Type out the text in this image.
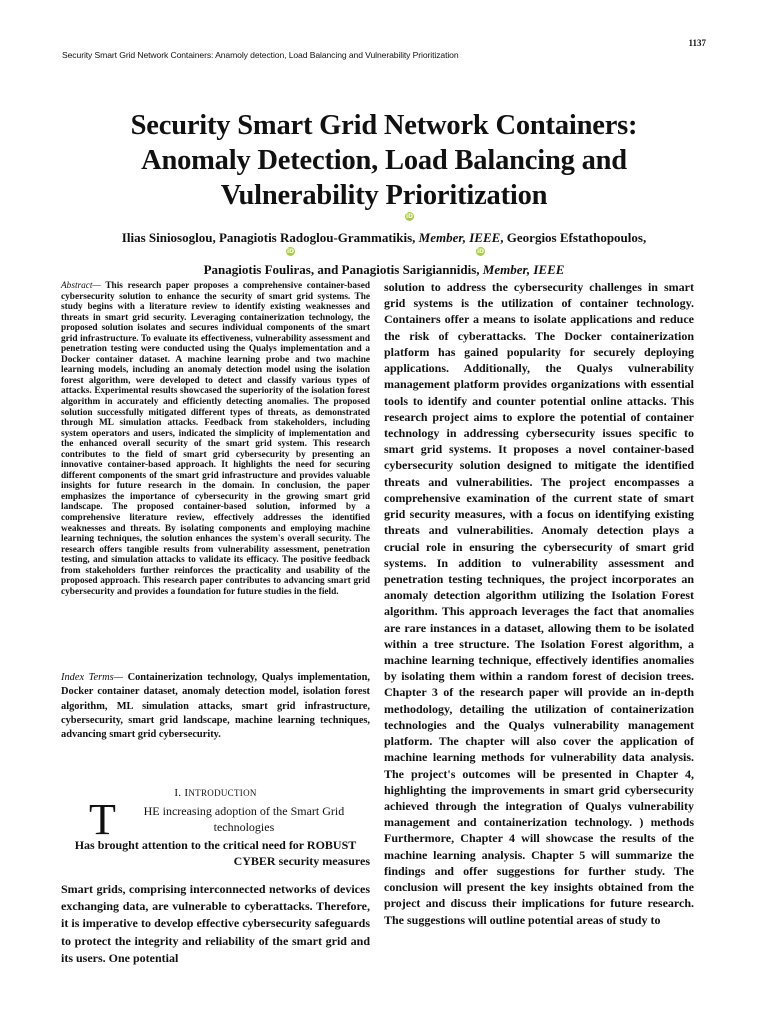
1137
Security Smart Grid Network Containers: Anamoly detection, Load Balancing and Vulnerability Prioritization
Security Smart Grid Network Containers:
Anomaly Detection, Load Balancing and
Vulnerability Prioritization
iD
Ilias Siniosoglou, Panagiotis Radoglou-Grammatikis, Member, IEEE, Georgios Efstathopoulos,
iD	iD
Panagiotis Fouliras, and Panagiotis Sarigiannidis, Member, IEEE
Abstract— This research paper proposes a comprehensive container-based cybersecurity solution to enhance the security of smart grid systems. The study begins with a literature review to identify existing weaknesses and threats in smart grid security. Leveraging containerization technology, the proposed solution isolates and secures individual components of the smart grid infrastructure. To evaluate its effectiveness, vulnerability assessment and penetration testing were conducted using the Qualys implementation and a Docker container dataset. A machine learning probe and two machine learning models, including an anomaly detection model using the isolation forest algorithm, were developed to detect and classify various types of attacks. Experimental results showcased the superiority of the isolation forest algorithm in accurately and efficiently detecting anomalies. The proposed solution successfully mitigated different types of threats, as demonstrated through ML simulation attacks. Feedback from stakeholders, including system operators and users, indicated the simplicity of implementation and the enhanced overall security of the smart grid system. This research contributes to the field of smart grid cybersecurity by presenting an innovative container-based approach. It highlights the need for securing different components of the smart grid infrastructure and provides valuable insights for future research in the domain. In conclusion, the paper emphasizes the importance of cybersecurity in the growing smart grid landscape. The proposed container-based solution, informed by a comprehensive literature review, effectively addresses the identified weaknesses and threats. By isolating components and employing machine learning techniques, the solution enhances the system's overall security. The research offers tangible results from vulnerability assessment, penetration testing, and simulation attacks to validate its efficacy. The positive feedback from stakeholders further reinforces the practicality and usability of the proposed approach. This research paper contributes to advancing smart grid cybersecurity and provides a foundation for future studies in the field.
Index Terms— Containerization technology, Qualys implementation, Docker container dataset, anomaly detection model, isolation forest algorithm, ML simulation attacks, smart grid infrastructure, cybersecurity, smart grid landscape, machine learning techniques, advancing smart grid cybersecurity.
I. INTRODUCTION
T	HE increasing adoption of the Smart Grid
technologies
Has brought attention to the critical need for ROBUST
CYBER security measures
Smart grids, comprising interconnected networks of devices exchanging data, are vulnerable to cyberattacks. Therefore, it is imperative to develop effective cybersecurity safeguards to protect the integrity and reliability of the smart grid and its users. One potential
solution to address the cybersecurity challenges in smart grid systems is the utilization of container technology. Containers offer a means to isolate applications and reduce the risk of cyberattacks. The Docker containerization platform has gained popularity for securely deploying applications. Additionally, the Qualys vulnerability management platform provides organizations with essential tools to identify and counter potential online attacks. This research project aims to explore the potential of container technology in addressing cybersecurity issues specific to smart grid systems. It proposes a novel container-based cybersecurity solution designed to mitigate the identified threats and vulnerabilities. The project encompasses a comprehensive examination of the current state of smart grid security measures, with a focus on identifying existing threats and vulnerabilities. Anomaly detection plays a crucial role in ensuring the cybersecurity of smart grid systems. In addition to vulnerability assessment and penetration testing techniques, the project incorporates an anomaly detection algorithm utilizing the Isolation Forest algorithm. This approach leverages the fact that anomalies are rare instances in a dataset, allowing them to be isolated within a tree structure. The Isolation Forest algorithm, a machine learning technique, effectively identifies anomalies by isolating them within a random forest of decision trees. Chapter 3 of the research paper will provide an in-depth methodology, detailing the utilization of containerization technologies and the Qualys vulnerability management platform. The chapter will also cover the application of machine learning methods for vulnerability data analysis. The project's outcomes will be presented in Chapter 4, highlighting the improvements in smart grid cybersecurity achieved through the integration of Qualys vulnerability management and containerization technology. ) methods Furthermore, Chapter 4 will showcase the results of the machine learning analysis. Chapter 5 will summarize the findings and offer suggestions for further study. The conclusion will present the key insights obtained from the project and discuss their implications for future research. The suggestions will outline potential areas of study to
